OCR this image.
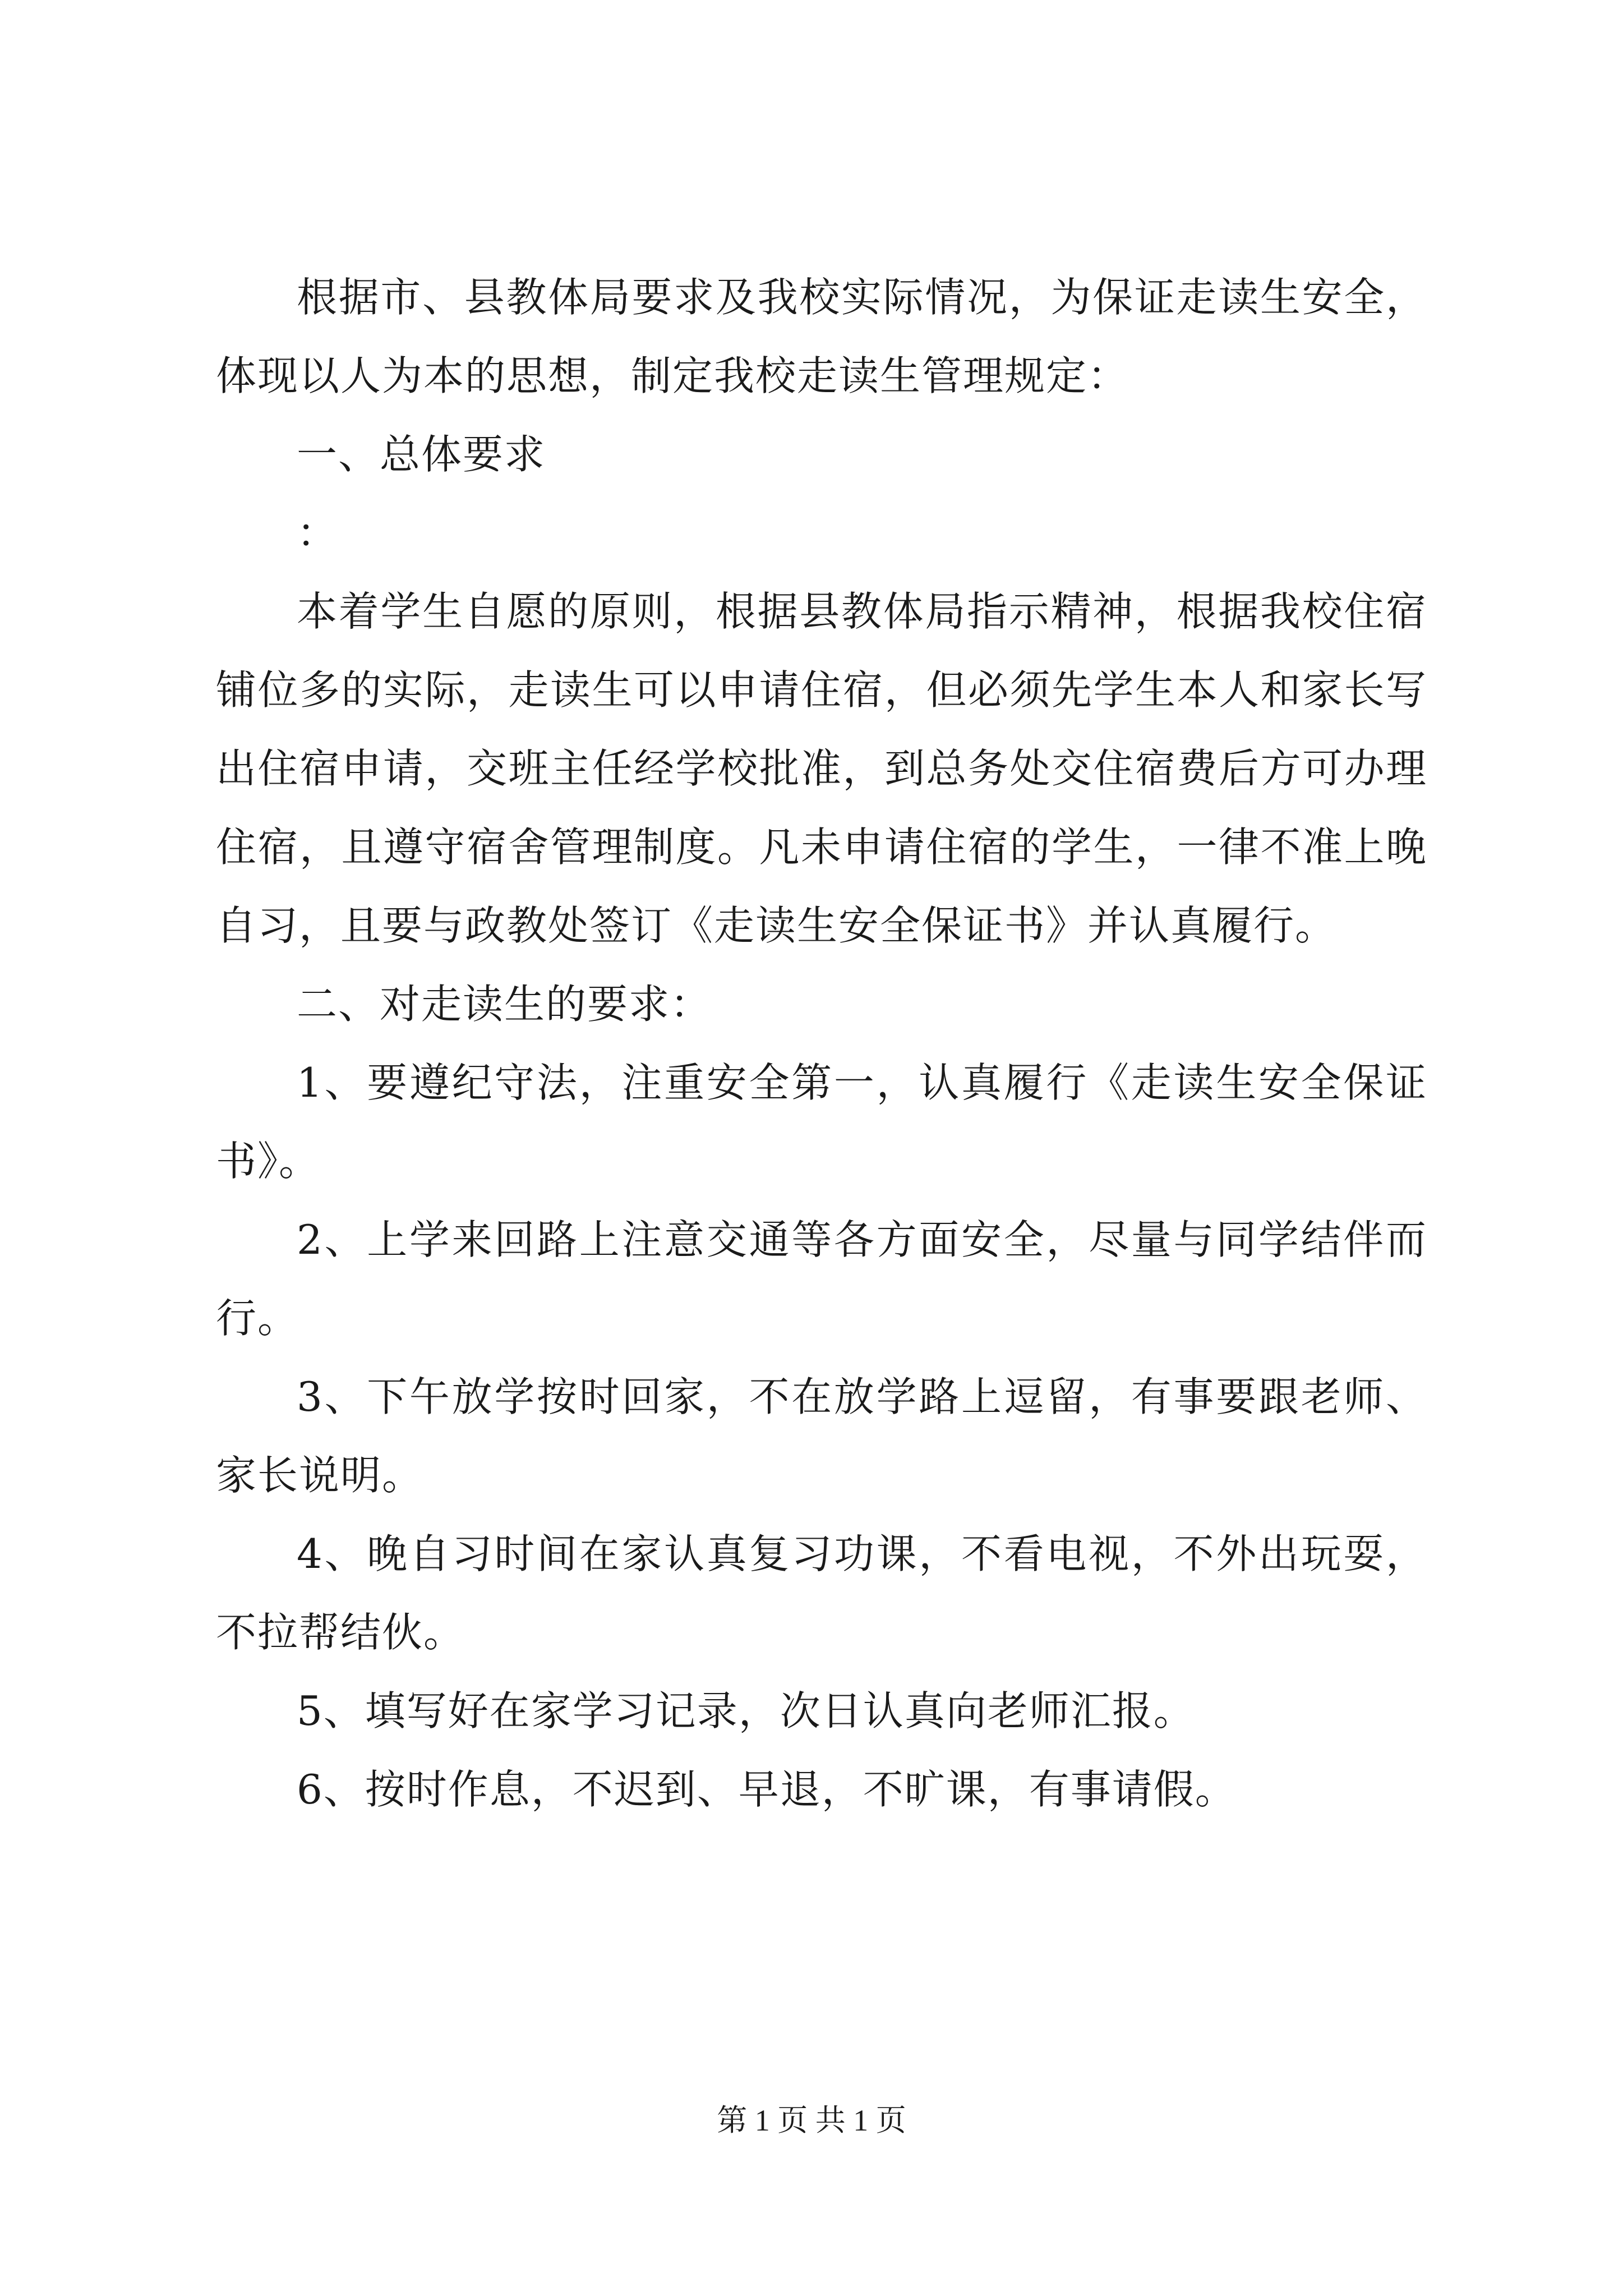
根据市、县教体局要求及我校实际情况，为保证走读生安全，体现以人为本的思想，制定我校走读生管理规定：

一、总体要求

：

本着学生自愿的原则，根据县教体局指示精神，根据我校住宿铺位多的实际，走读生可以申请住宿，但必须先学生本人和家长写出住宿申请，交班主任经学校批准，到总务处交住宿费后方可办理住宿，且遵守宿舍管理制度。凡未申请住宿的学生，一律不准上晚自习，且要与政教处签订《走读生安全保证书》并认真履行。

二、对走读生的要求：

1、要遵纪守法，注重安全第一，认真履行《走读生安全保证书》。

2、上学来回路上注意交通等各方面安全，尽量与同学结伴而行。

3、下午放学按时回家，不在放学路上逗留，有事要跟老师、家长说明。

4、晚自习时间在家认真复习功课，不看电视，不外出玩耍，不拉帮结伙。

5、填写好在家学习记录，次日认真向老师汇报。

6、按时作息，不迟到、早退，不旷课，有事请假。

第 1 页 共 1 页
